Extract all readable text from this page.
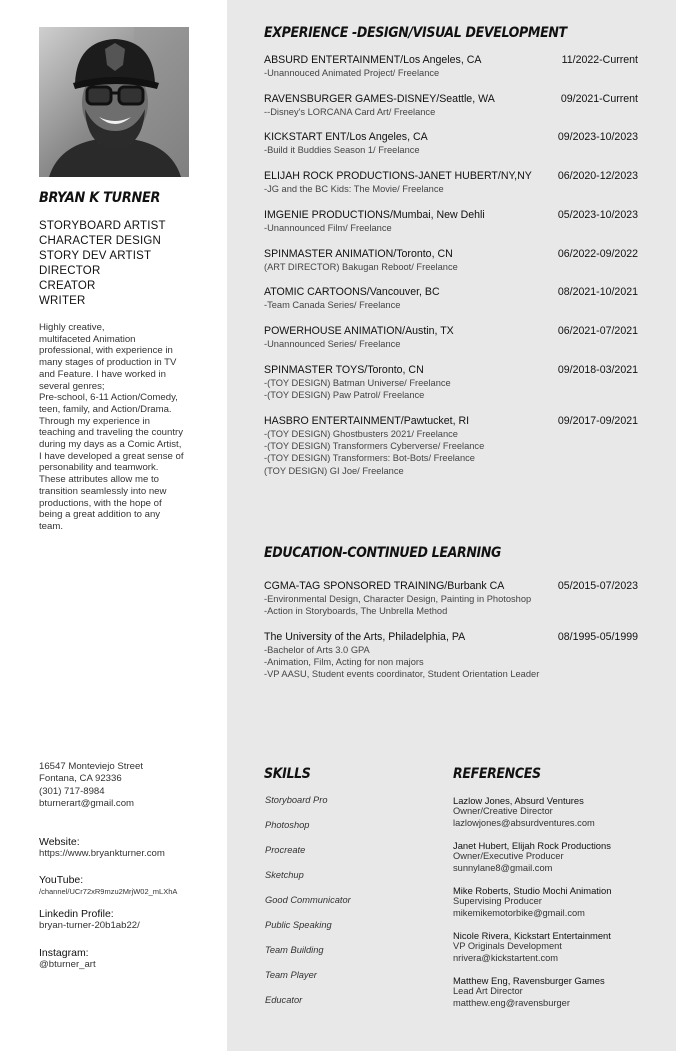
BRYAN K TURNER
STORYBOARD ARTIST
CHARACTER DESIGN
STORY DEV ARTIST
DIRECTOR
CREATOR
WRITER
Highly creative,
multifaceted Animation
professional, with experience in
many stages of production in TV
and Feature. I have worked in
several genres;
Pre-school, 6-11 Action/Comedy,
teen, family, and Action/Drama.
Through my experience in
teaching and traveling the country
during my days as a Comic Artist,
I have developed a great sense of
personability and teamwork.
These attributes allow me to
transition seamlessly into new
productions, with the hope of
being a great addition to any
team.
16547 Monteviejo Street
Fontana, CA 92336
(301) 717-8984
bturnerart@gmail.com
Website:
https://www.bryankturner.com
YouTube:
/channel/UCr72xR9mzu2MrjW02_mLXhA
Linkedin Profile:
bryan-turner-20b1ab22/
Instagram:
@bturner_art
EXPERIENCE -DESIGN/VISUAL DEVELOPMENT
ABSURD ENTERTAINMENT/Los Angeles, CA	11/2022-Current
-Unannouced Animated Project/ Freelance
RAVENSBURGER GAMES-DISNEY/Seattle, WA	09/2021-Current
--Disney's LORCANA Card Art/ Freelance
KICKSTART ENT/Los Angeles, CA	09/2023-10/2023
-Build it Buddies Season 1/ Freelance
ELIJAH ROCK PRODUCTIONS-JANET HUBERT/NY,NY 06/2020-12/2023
-JG and the BC Kids: The Movie/ Freelance
IMGENIE PRODUCTIONS/Mumbai, New Dehli	05/2023-10/2023
-Unannounced Film/ Freelance
SPINMASTER ANIMATION/Toronto, CN	06/2022-09/2022
(ART DIRECTOR) Bakugan Reboot/ Freelance
ATOMIC CARTOONS/Vancouver, BC	08/2021-10/2021
-Team Canada Series/ Freelance
POWERHOUSE ANIMATION/Austin, TX	06/2021-07/2021
-Unannounced Series/ Freelance
SPINMASTER TOYS/Toronto, CN	09/2018-03/2021
-(TOY DESIGN) Batman Universe/ Freelance
-(TOY DESIGN) Paw Patrol/ Freelance
HASBRO ENTERTAINMENT/Pawtucket, RI	09/2017-09/2021
-(TOY DESIGN) Ghostbusters 2021/ Freelance
-(TOY DESIGN) Transformers Cyberverse/ Freelance
-(TOY DESIGN) Transformers: Bot-Bots/ Freelance
(TOY DESIGN) GI Joe/ Freelance
EDUCATION-CONTINUED LEARNING
CGMA-TAG SPONSORED TRAINING/Burbank CA	05/2015-07/2023
-Environmental Design, Character Design, Painting in Photoshop
-Action in Storyboards, The Unbrella Method
The University of the Arts, Philadelphia, PA	08/1995-05/1999
-Bachelor of Arts 3.0 GPA
-Animation, Film, Acting for non majors
-VP AASU, Student events coordinator, Student Orientation Leader
SKILLS
Storyboard Pro
Photoshop
Procreate
Sketchup
Good Communicator
Public Speaking
Team Building
Team Player
Educator
REFERENCES
Lazlow Jones, Absurd Ventures
Owner/Creative Director
lazlowjones@absurdventures.com
Janet Hubert, Elijah Rock Productions
Owner/Executive Producer
sunnylane8@gmail.com
Mike Roberts, Studio Mochi Animation
Supervising Producer
mikemikemotorbike@gmail.com
Nicole Rivera, Kickstart Entertainment
VP Originals Development
nrivera@kickstartent.com
Matthew Eng, Ravensburger Games
Lead Art Director
matthew.eng@ravensburger
